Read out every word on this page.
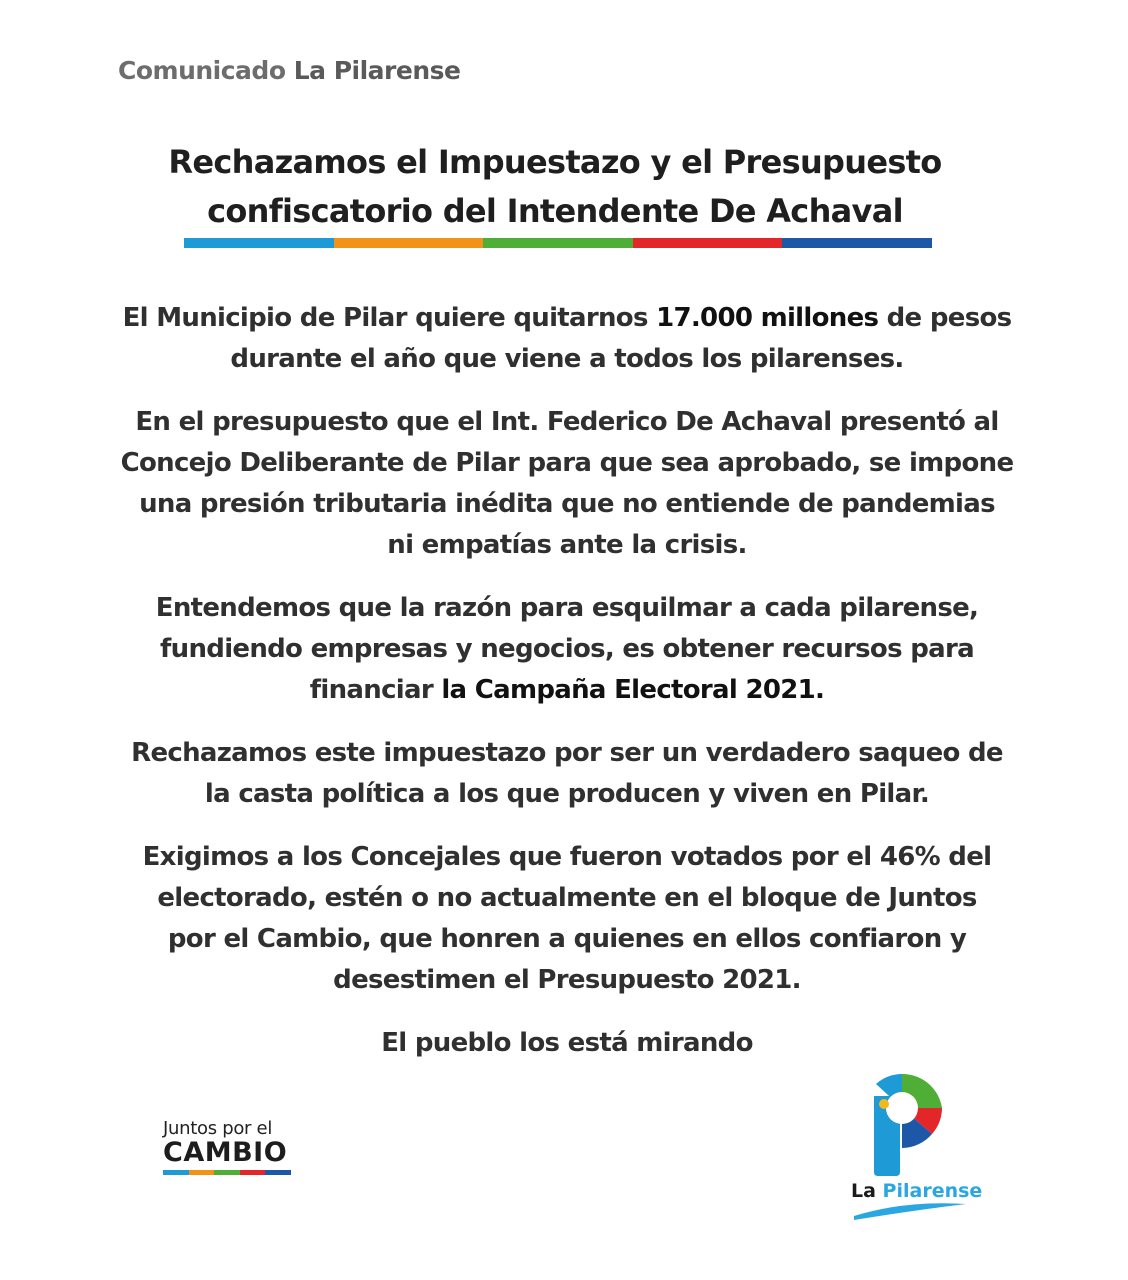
Comunicado La Pilarense
Rechazamos el Impuestazo y el Presupuesto
confiscatorio del Intendente De Achaval
El Municipio de Pilar quiere quitarnos 17.000 millones de pesos
durante el año que viene a todos los pilarenses.
En el presupuesto que el Int. Federico De Achaval presentó al
Concejo Deliberante de Pilar para que sea aprobado, se impone
una presión tributaria inédita que no entiende de pandemias
ni empatías ante la crisis.
Entendemos que la razón para esquilmar a cada pilarense,
fundiendo empresas y negocios, es obtener recursos para
financiar la Campaña Electoral 2021.
Rechazamos este impuestazo por ser un verdadero saqueo de
la casta política a los que producen y viven en Pilar.
Exigimos a los Concejales que fueron votados por el 46% del
electorado, estén o no actualmente en el bloque de Juntos
por el Cambio, que honren a quienes en ellos confiaron y
desestimen el Presupuesto 2021.
El pueblo los está mirando
Juntos por el
CAMBIO
La Pilarense
